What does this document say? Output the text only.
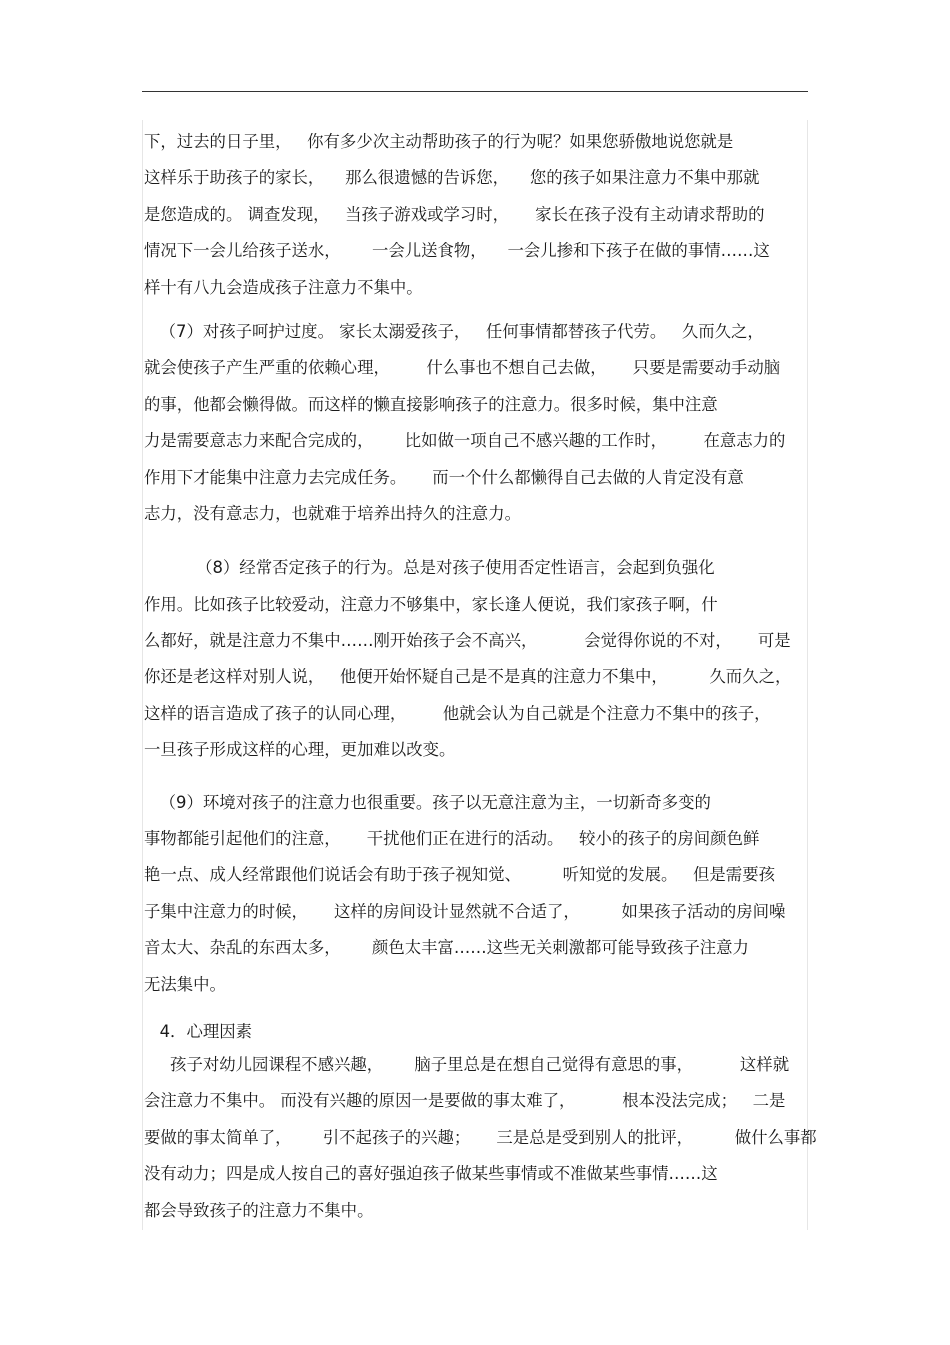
下，过去的日子里，   你有多少次主动帮助孩子的行为呢？如果您骄傲地说您就是
这样乐于助孩子的家长，    那么很遗憾的告诉您，    您的孩子如果注意力不集中那就
是您造成的。 调查发现，   当孩子游戏或学习时，     家长在孩子没有主动请求帮助的
情况下一会儿给孩子送水，      一会儿送食物，    一会儿掺和下孩子在做的事情……这
样十有八九会造成孩子注意力不集中。
（7）对孩子呵护过度。 家长太溺爱孩子，   任何事情都替孩子代劳。   久而久之，
就会使孩子产生严重的依赖心理，       什么事也不想自己去做，     只要是需要动手动脑
的事，他都会懒得做。而这样的懒直接影响孩子的注意力。很多时候，集中注意
力是需要意志力来配合完成的，      比如做一项自己不感兴趣的工作时，       在意志力的
作用下才能集中注意力去完成任务。     而一个什么都懒得自己去做的人肯定没有意
志力，没有意志力，也就难于培养出持久的注意力。
（8）经常否定孩子的行为。总是对孩子使用否定性语言，会起到负强化
作用。比如孩子比较爱动，注意力不够集中，家长逢人便说，我们家孩子啊，什
么都好，就是注意力不集中……刚开始孩子会不高兴，         会觉得你说的不对，     可是
你还是老这样对别人说，   他便开始怀疑自己是不是真的注意力不集中，        久而久之，
这样的语言造成了孩子的认同心理，       他就会认为自己就是个注意力不集中的孩子，
一旦孩子形成这样的心理，更加难以改变。
（9）环境对孩子的注意力也很重要。孩子以无意注意为主，一切新奇多变的
事物都能引起他们的注意，     干扰他们正在进行的活动。   较小的孩子的房间颜色鲜
艳一点、成人经常跟他们说话会有助于孩子视知觉、        听知觉的发展。   但是需要孩
子集中注意力的时候，     这样的房间设计显然就不合适了，        如果孩子活动的房间噪
音太大、杂乱的东西太多，      颜色太丰富……这些无关刺激都可能导致孩子注意力
无法集中。
4．心理因素
孩子对幼儿园课程不感兴趣，      脑子里总是在想自己觉得有意思的事，         这样就
会注意力不集中。 而没有兴趣的原因一是要做的事太难了，         根本没法完成；   二是
要做的事太简单了，      引不起孩子的兴趣；     三是总是受到别人的批评，        做什么事都
没有动力；四是成人按自己的喜好强迫孩子做某些事情或不准做某些事情……这
都会导致孩子的注意力不集中。
